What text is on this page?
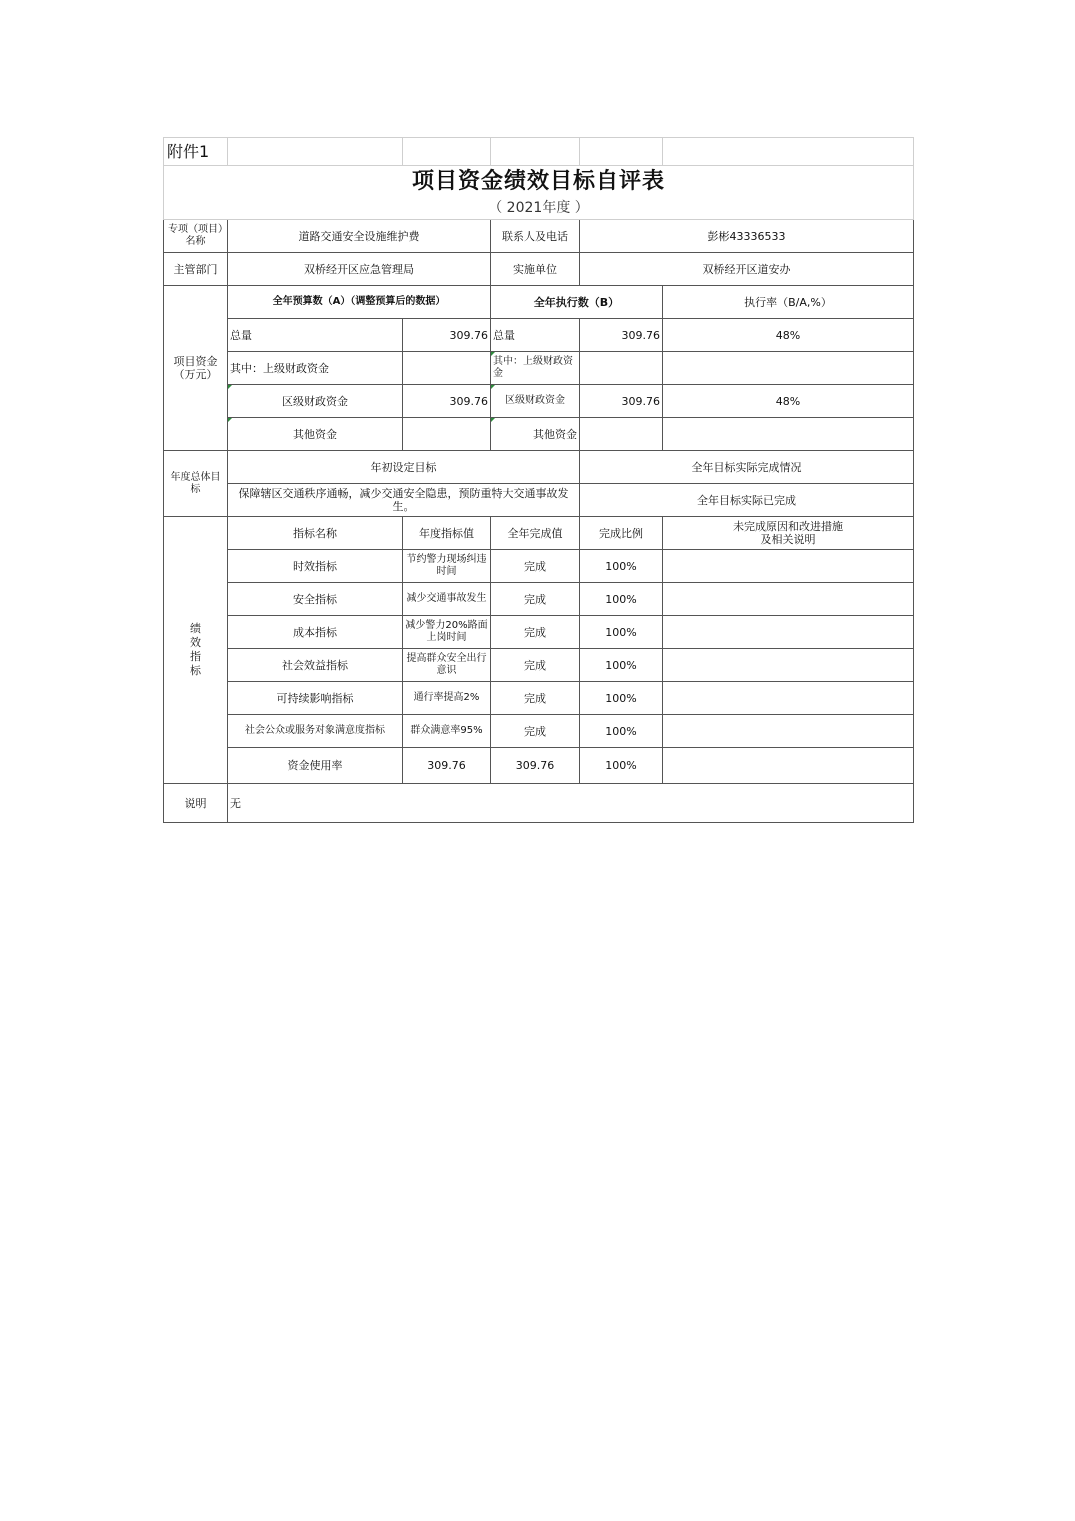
附件1					
项目资金绩效目标自评表					
（ 2021年度 ）					
专项（项目）名称	道路交通安全设施维护费		联系人及电话	彭彬43336533	
主管部门	双桥经开区应急管理局		实施单位	双桥经开区道安办	
项目资金（万元）	全年预算数（A）（调整预算后的数据）		全年执行数（B）		执行率（B/A,%）
	总量	309.76	总量	309.76	48%
	其中：上级财政资金		其中：上级财政资金		
	区级财政资金	309.76	区级财政资金	309.76	48%
	其他资金		其他资金		
年度总体目标	年初设定目标			全年目标实际完成情况	
	保障辖区交通秩序通畅，减少交通安全隐患，预防重特大交通事故发生。			全年目标实际已完成	
绩效指标	指标名称	年度指标值	全年完成值	完成比例	未完成原因和改进措施及相关说明
	时效指标	节约警力现场纠违时间	完成	100%	
	安全指标	减少交通事故发生	完成	100%	
	成本指标	减少警力20%路面上岗时间	完成	100%	
	社会效益指标	提高群众安全出行意识	完成	100%	
	可持续影响指标	通行率提高2%	完成	100%	
	社会公众或服务对象满意度指标	群众满意率95%	完成	100%	
	资金使用率	309.76	309.76	100%	
说明	无				
